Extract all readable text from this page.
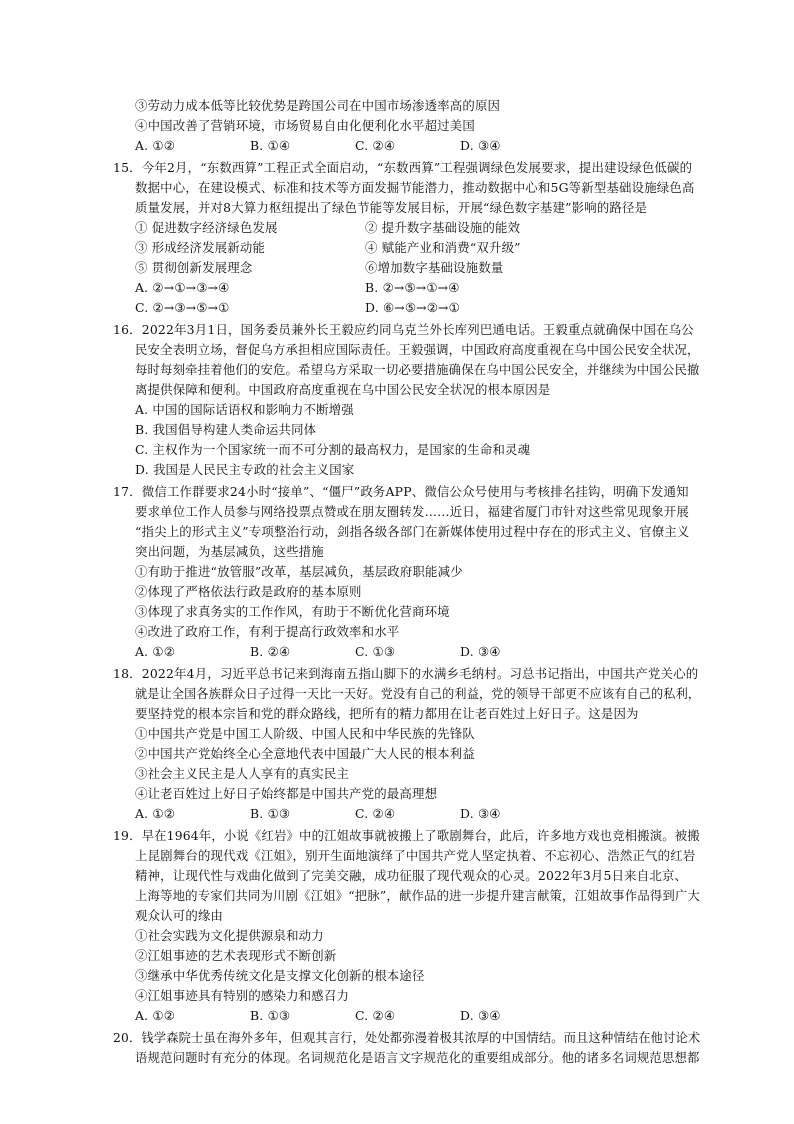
③劳动力成本低等比较优势是跨国公司在中国市场渗透率高的原因
④中国改善了营销环境，市场贸易自由化便利化水平超过美国
A. ①②	B. ①④	C. ②④	D. ③④
15．今年2月，“东数西算”工程正式全面启动，“东数西算”工程强调绿色发展要求，提出建设绿色低碳的
数据中心，在建设模式、标准和技术等方面发掘节能潜力，推动数据中心和5G等新型基础设施绿色高
质量发展，并对8大算力枢纽提出了绿色节能等发展目标，开展“绿色数字基建”影响的路径是
① 促进数字经济绿色发展	② 提升数字基础设施的能效
③ 形成经济发展新动能	④ 赋能产业和消费“双升级”
⑤ 贯彻创新发展理念	⑥增加数字基础设施数量
A. ②→①→③→④	B. ②→⑤→①→④
C. ②→③→⑤→①	D. ⑥→⑤→②→①
16．2022年3月1日，国务委员兼外长王毅应约同乌克兰外长库列巴通电话。王毅重点就确保中国在乌公
民安全表明立场，督促乌方承担相应国际责任。王毅强调，中国政府高度重视在乌中国公民安全状况，
每时每刻牵挂着他们的安危。希望乌方采取一切必要措施确保在乌中国公民安全，并继续为中国公民撤
离提供保障和便利。中国政府高度重视在乌中国公民安全状况的根本原因是
A. 中国的国际话语权和影响力不断增强
B. 我国倡导构建人类命运共同体
C. 主权作为一个国家统一而不可分割的最高权力，是国家的生命和灵魂
D. 我国是人民民主专政的社会主义国家
17．微信工作群要求24小时“接单”、“僵尸”政务APP、微信公众号使用与考核排名挂钩，明确下发通知
要求单位工作人员参与网络投票点赞或在朋友圈转发……近日，福建省厦门市针对这些常见现象开展
“指尖上的形式主义”专项整治行动，剑指各级各部门在新媒体使用过程中存在的形式主义、官僚主义
突出问题，为基层减负，这些措施
①有助于推进“放管服”改革，基层减负，基层政府职能减少
②体现了严格依法行政是政府的基本原则
③体现了求真务实的工作作风，有助于不断优化营商环境
④改进了政府工作，有利于提高行政效率和水平
A. ①②	B. ②④	C. ①③	D. ③④
18．2022年4月，习近平总书记来到海南五指山脚下的水满乡毛纳村。习总书记指出，中国共产党关心的
就是让全国各族群众日子过得一天比一天好。党没有自己的利益，党的领导干部更不应该有自己的私利，
要坚持党的根本宗旨和党的群众路线，把所有的精力都用在让老百姓过上好日子。这是因为
①中国共产党是中国工人阶级、中国人民和中华民族的先锋队
②中国共产党始终全心全意地代表中国最广大人民的根本利益
③社会主义民主是人人享有的真实民主
④让老百姓过上好日子始终都是中国共产党的最高理想
A. ①②	B. ①③	C. ②④	D. ③④
19．早在1964年，小说《红岩》中的江姐故事就被搬上了歌剧舞台，此后，许多地方戏也竞相搬演。被搬
上昆剧舞台的现代戏《江姐》，别开生面地演绎了中国共产党人坚定执着、不忘初心、浩然正气的红岩
精神，让现代性与戏曲化做到了完美交融，成功征服了现代观众的心灵。2022年3月5日来自北京、
上海等地的专家们共同为川剧《江姐》“把脉”，献作品的进一步提升建言献策，江姐故事作品得到广大
观众认可的缘由
①社会实践为文化提供源泉和动力
②江姐事迹的艺术表现形式不断创新
③继承中华优秀传统文化是支撑文化创新的根本途径
④江姐事迹具有特别的感染力和感召力
A. ①②	B. ①③	C. ②④	D. ③④
20．钱学森院士虽在海外多年，但观其言行，处处都弥漫着极其浓厚的中国情结。而且这种情结在他讨论术
语规范问题时有充分的体现。名词规范化是语言文字规范化的重要组成部分。他的诸多名词规范思想都
